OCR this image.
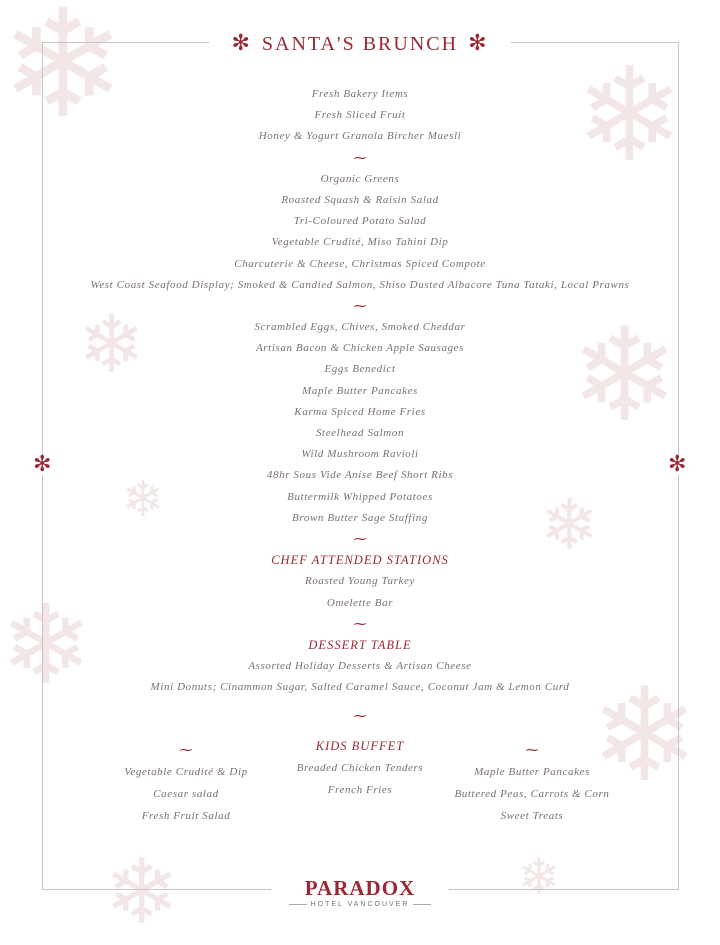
❄	❄
❄	❄
❄	❄
❄
❄
❄	❄
✻ SANTA'S BRUNCH ✻
✻	✻
Fresh Bakery Items
Fresh Sliced Fruit
Honey & Yogurt Granola Bircher Muesli
⁓
Organic Greens
Roasted Squash & Raisin Salad
Tri-Coloured Potato Salad
Vegetable Crudité, Miso Tahini Dip
Charcuterie & Cheese, Christmas Spiced Compote
West Coast Seafood Display; Smoked & Candied Salmon, Shiso Dusted Albacore Tuna Tataki, Local Prawns
⁓
Scrambled Eggs, Chives, Smoked Cheddar
Artisan Bacon & Chicken Apple Sausages
Eggs Benedict
Maple Butter Pancakes
Karma Spiced Home Fries
Steelhead Salmon
Wild Mushroom Ravioli
48hr Sous Vide Anise Beef Short Ribs
Buttermilk Whipped Potatoes
Brown Butter Sage Stuffing
⁓
CHEF ATTENDED STATIONS
Roasted Young Turkey
Omelette Bar
⁓
DESSERT TABLE
Assorted Holiday Desserts & Artisan Cheese
Mini Donuts; Cinammon Sugar, Salted Caramel Sauce, Coconut Jam & Lemon Curd
⁓
KIDS BUFFET
Breaded Chicken Tenders
French Fries
⁓
Vegetable Crudité & Dip
Caesar salad
Fresh Fruit Salad
⁓
Maple Butter Pancakes
Buttered Peas, Carrots & Corn
Sweet Treats
PARADOX
HOTEL VANCOUVER
